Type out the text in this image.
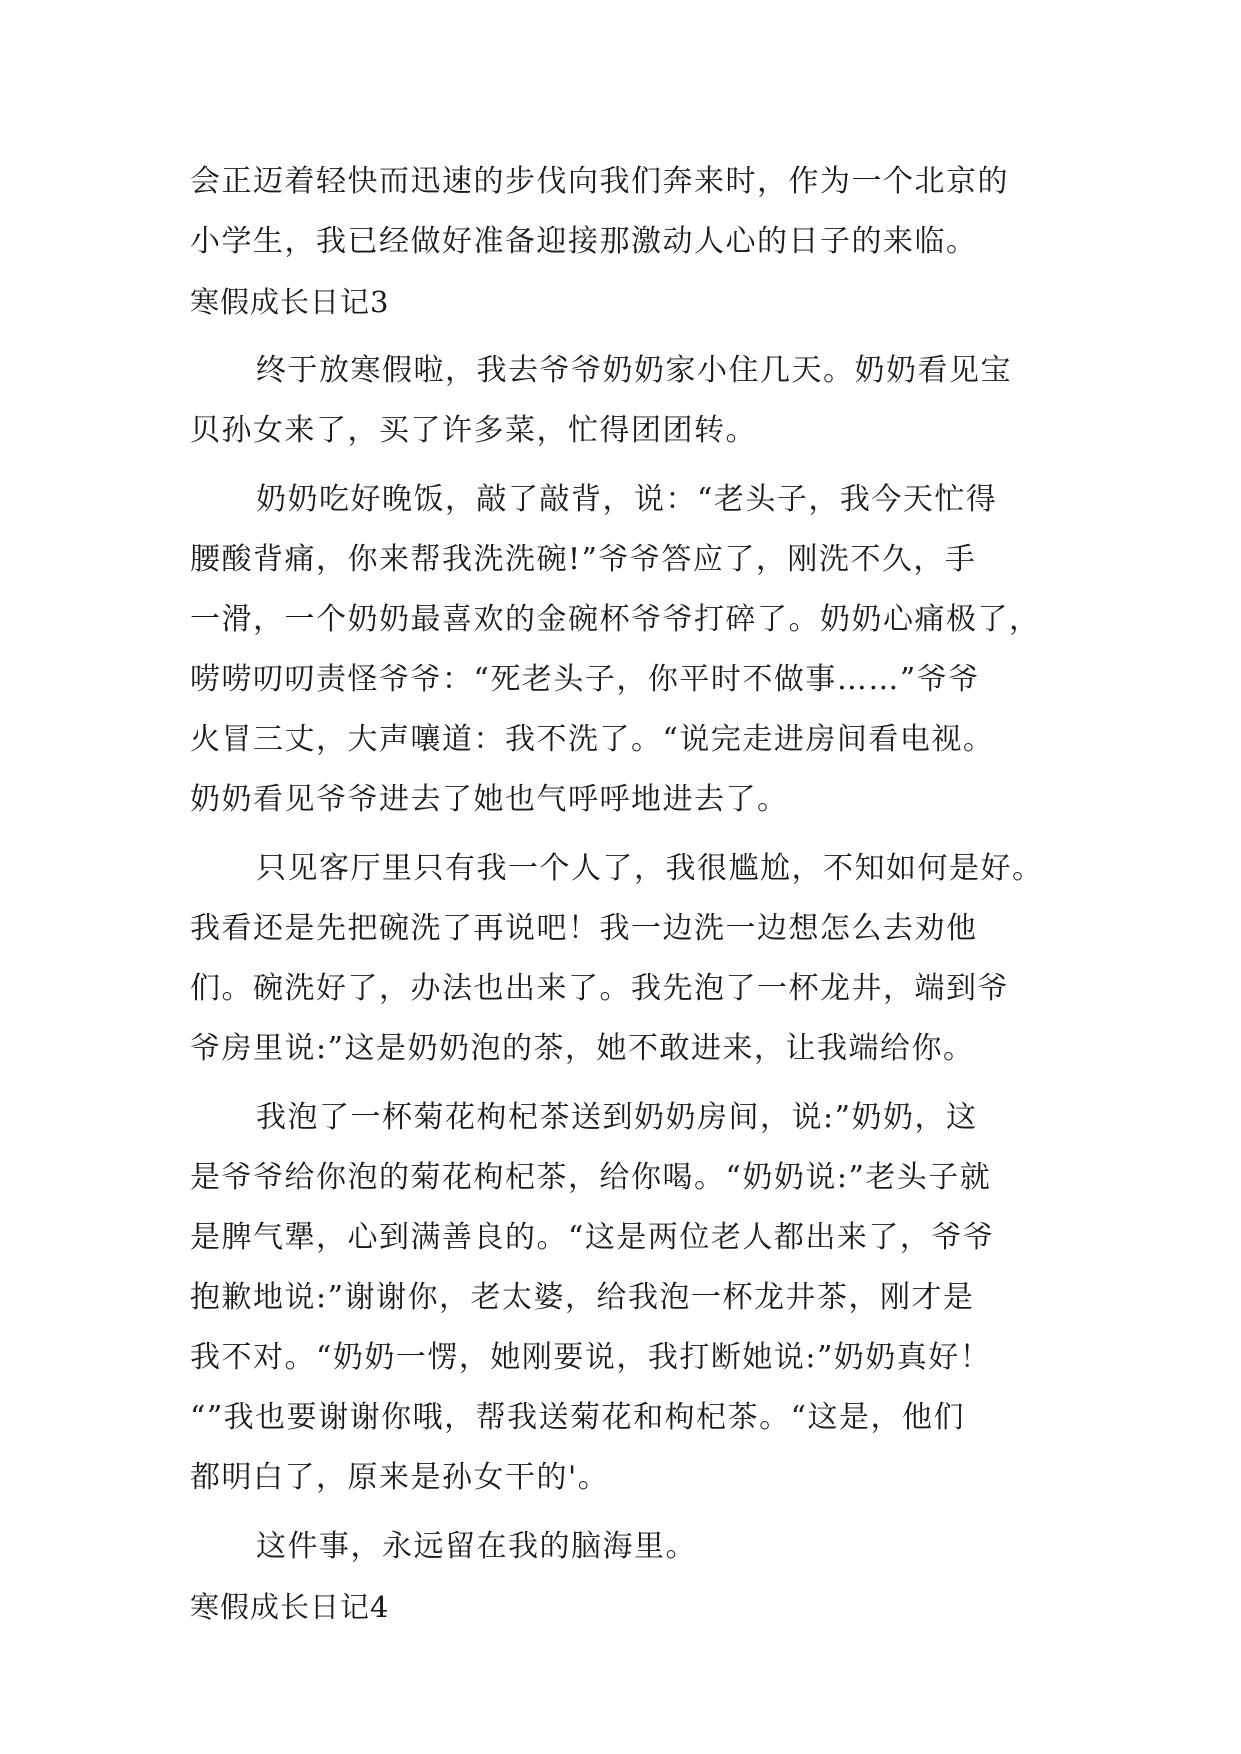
会正迈着轻快而迅速的步伐向我们奔来时，作为一个北京的
小学生，我已经做好准备迎接那激动人心的日子的来临。
寒假成长日记3
终于放寒假啦，我去爷爷奶奶家小住几天。奶奶看见宝
贝孙女来了，买了许多菜，忙得团团转。
奶奶吃好晚饭，敲了敲背，说：“老头子，我今天忙得
腰酸背痛，你来帮我洗洗碗!”爷爷答应了，刚洗不久，手
一滑，一个奶奶最喜欢的金碗杯爷爷打碎了。奶奶心痛极了，
唠唠叨叨责怪爷爷：“死老头子，你平时不做事……”爷爷
火冒三丈，大声嚷道：我不洗了。“说完走进房间看电视。
奶奶看见爷爷进去了她也气呼呼地进去了。
只见客厅里只有我一个人了，我很尴尬，不知如何是好。
我看还是先把碗洗了再说吧！我一边洗一边想怎么去劝他
们。碗洗好了，办法也出来了。我先泡了一杯龙井，端到爷
爷房里说:”这是奶奶泡的茶，她不敢进来，让我端给你。
我泡了一杯菊花枸杞茶送到奶奶房间，说:”奶奶，这
是爷爷给你泡的菊花枸杞茶，给你喝。“奶奶说:”老头子就
是脾气犟，心到满善良的。“这是两位老人都出来了，爷爷
抱歉地说:”谢谢你，老太婆，给我泡一杯龙井茶，刚才是
我不对。“奶奶一愣，她刚要说，我打断她说:”奶奶真好！
“”我也要谢谢你哦，帮我送菊花和枸杞茶。“这是，他们
都明白了，原来是孙女干的'。
这件事，永远留在我的脑海里。
寒假成长日记4
